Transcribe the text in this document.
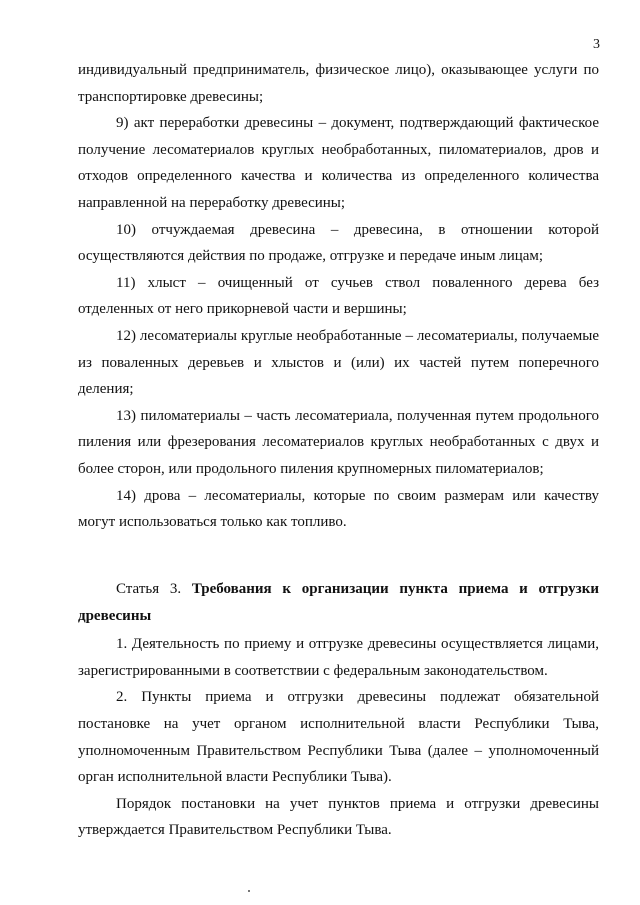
3

индивидуальный предприниматель, физическое лицо), оказывающее услуги по транспортировке древесины;

9) акт переработки древесины – документ, подтверждающий фактическое получение лесоматериалов круглых необработанных, пиломатериалов, дров и отходов определенного качества и количества из определенного количества направленной на переработку древесины;

10) отчуждаемая древесина – древесина, в отношении которой осуществляются действия по продаже, отгрузке и передаче иным лицам;

11) хлыст – очищенный от сучьев ствол поваленного дерева без отделенных от него прикорневой части и вершины;

12) лесоматериалы круглые необработанные – лесоматериалы, получаемые из поваленных деревьев и хлыстов и (или) их частей путем поперечного деления;

13) пиломатериалы – часть лесоматериала, полученная путем продольного пиления или фрезерования лесоматериалов круглых необработанных с двух и более сторон, или продольного пиления крупномерных пиломатериалов;

14) дрова – лесоматериалы, которые по своим размерам или качеству могут использоваться только как топливо.

Статья 3. Требования к организации пункта приема и отгрузки древесины

1. Деятельность по приему и отгрузке древесины осуществляется лицами, зарегистрированными в соответствии с федеральным законодательством.

2. Пункты приема и отгрузки древесины подлежат обязательной постановке на учет органом исполнительной власти Республики Тыва, уполномоченным Правительством Республики Тыва (далее – уполномоченный орган исполнительной власти Республики Тыва).

Порядок постановки на учет пунктов приема и отгрузки древесины утверждается Правительством Республики Тыва.
